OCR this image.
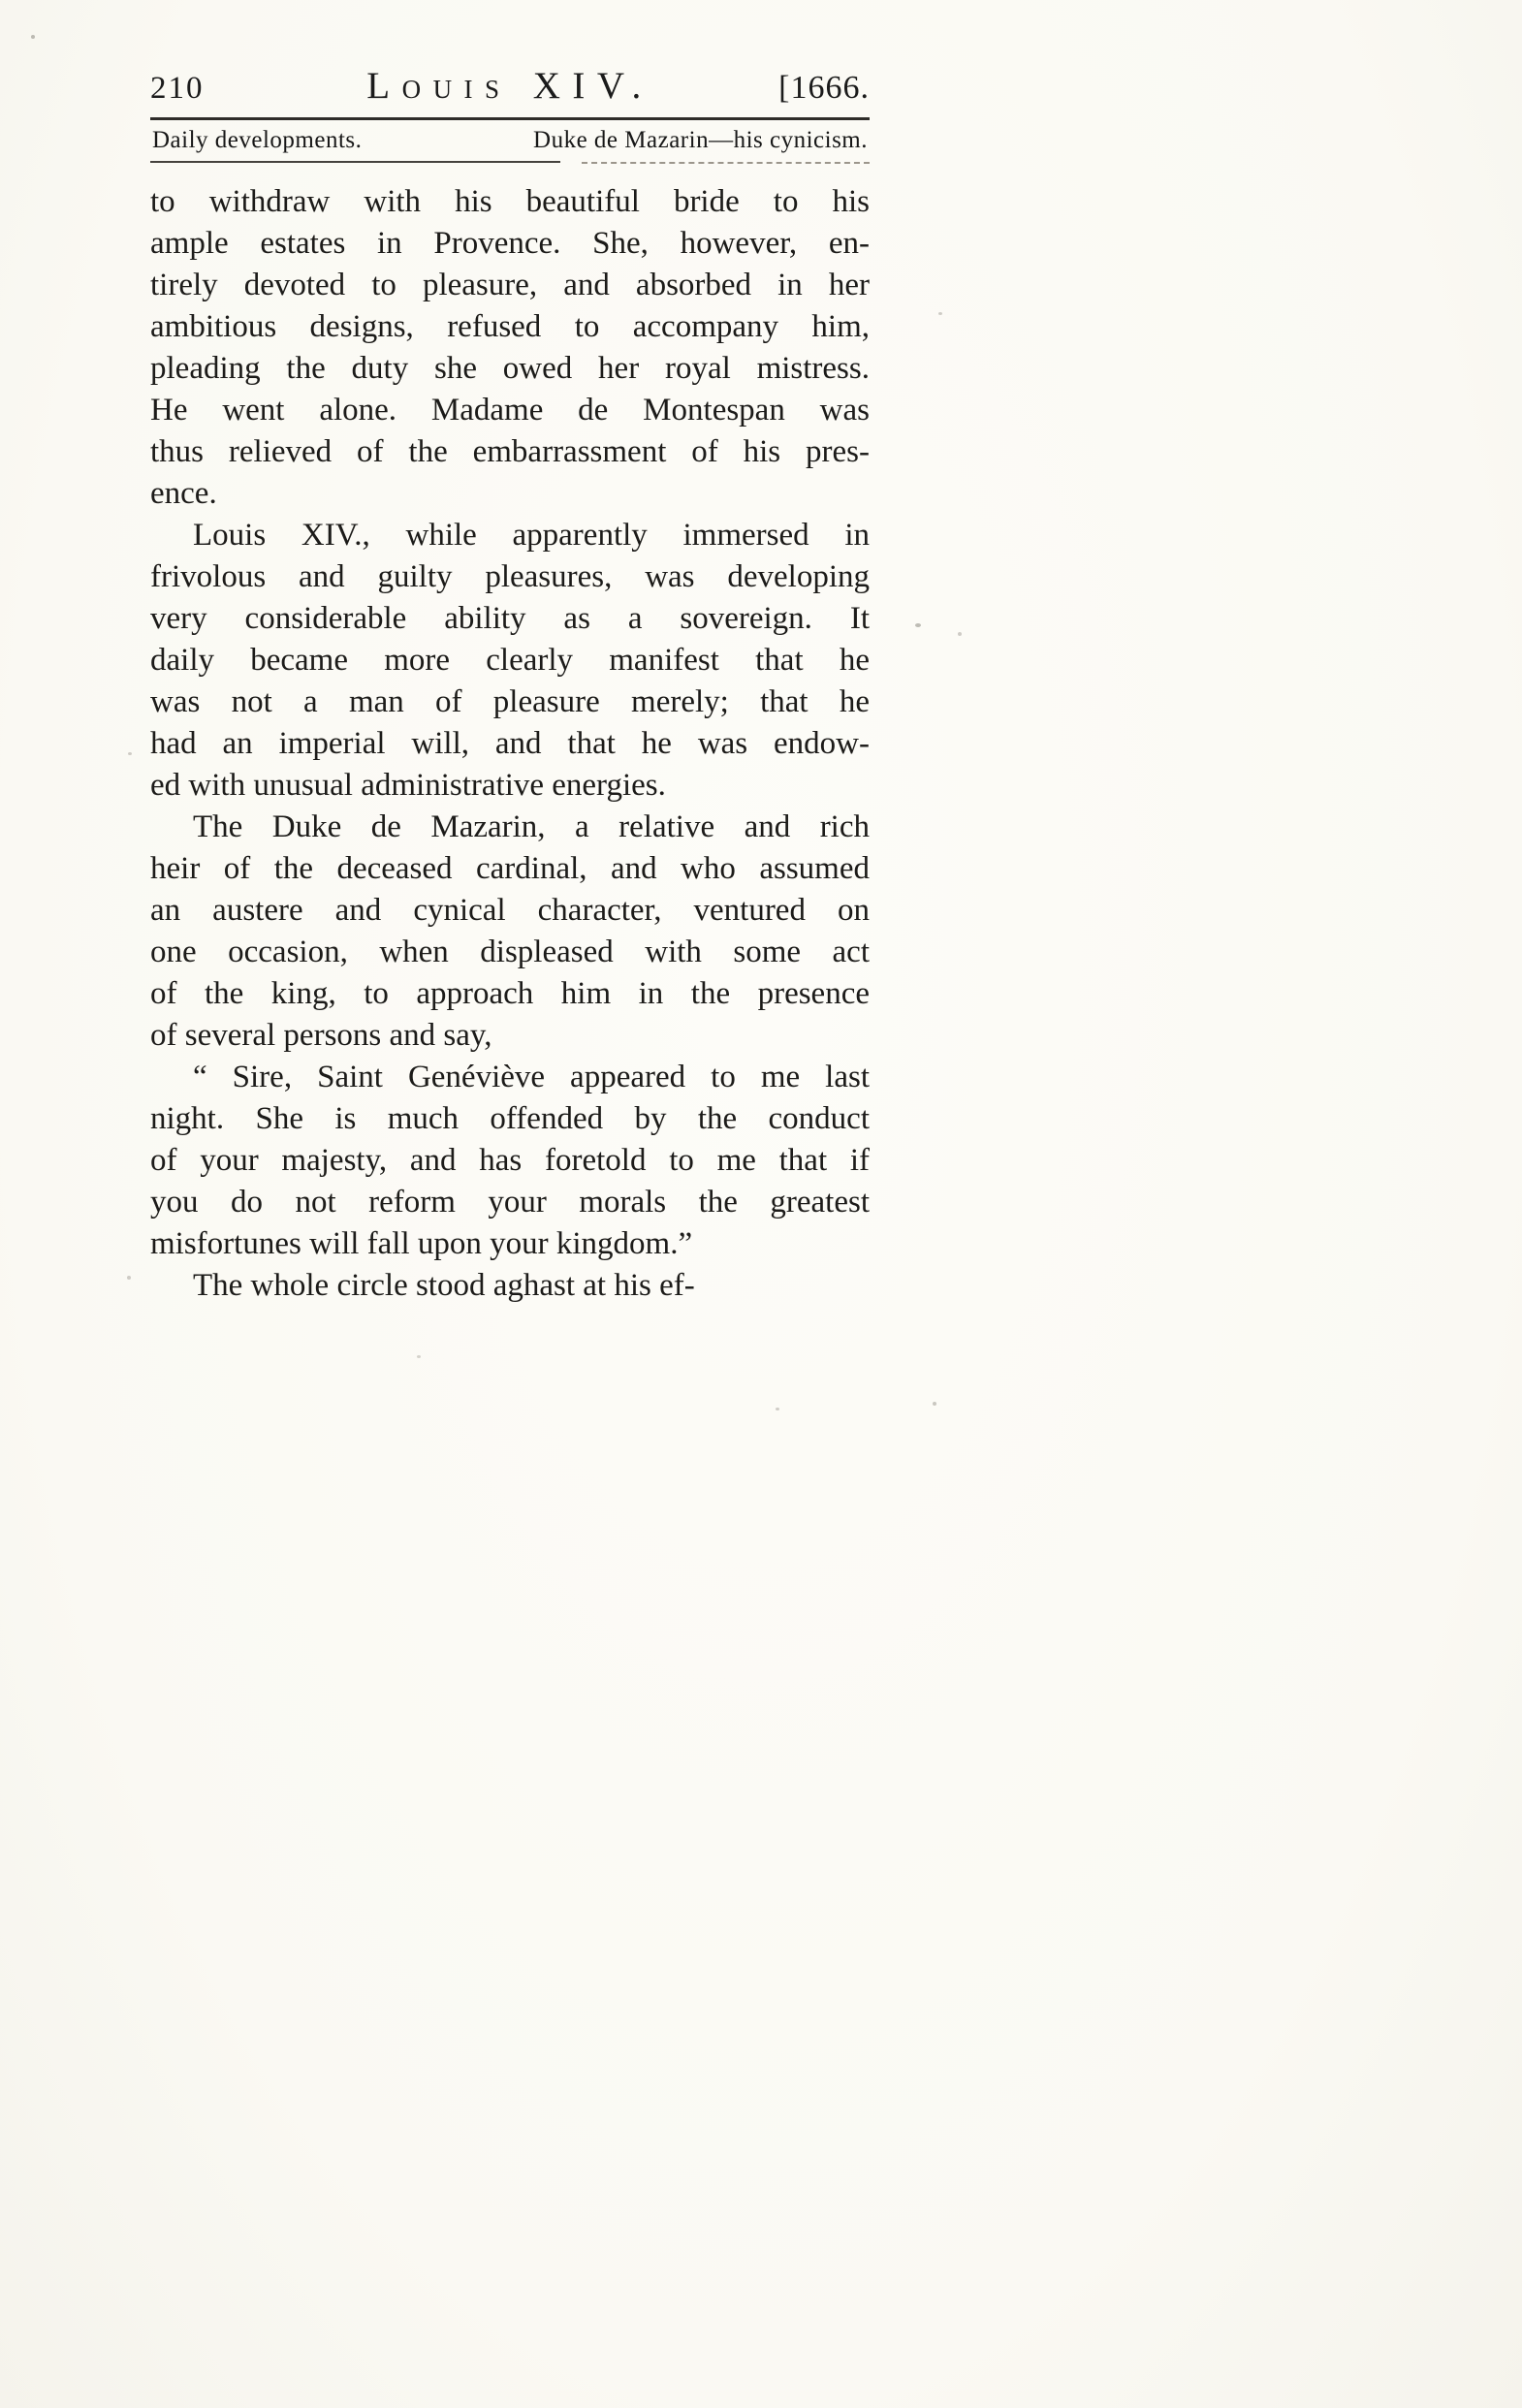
210	Louis XIV.	[1666.
Daily developments.	Duke de Mazarin—his cynicism.
to withdraw with his beautiful bride to his
ample estates in Provence. She, however, en-
tirely devoted to pleasure, and absorbed in her
ambitious designs, refused to accompany him,
pleading the duty she owed her royal mistress.
He went alone. Madame de Montespan was
thus relieved of the embarrassment of his pres-
ence.
Louis XIV., while apparently immersed in
frivolous and guilty pleasures, was developing
very considerable ability as a sovereign. It
daily became more clearly manifest that he
was not a man of pleasure merely; that he
had an imperial will, and that he was endow-
ed with unusual administrative energies.
The Duke de Mazarin, a relative and rich
heir of the deceased cardinal, and who assumed
an austere and cynical character, ventured on
one occasion, when displeased with some act
of the king, to approach him in the presence
of several persons and say,
“ Sire, Saint Genéviève appeared to me last
night. She is much offended by the conduct
of your majesty, and has foretold to me that if
you do not reform your morals the greatest
misfortunes will fall upon your kingdom.”
The whole circle stood aghast at his ef-
